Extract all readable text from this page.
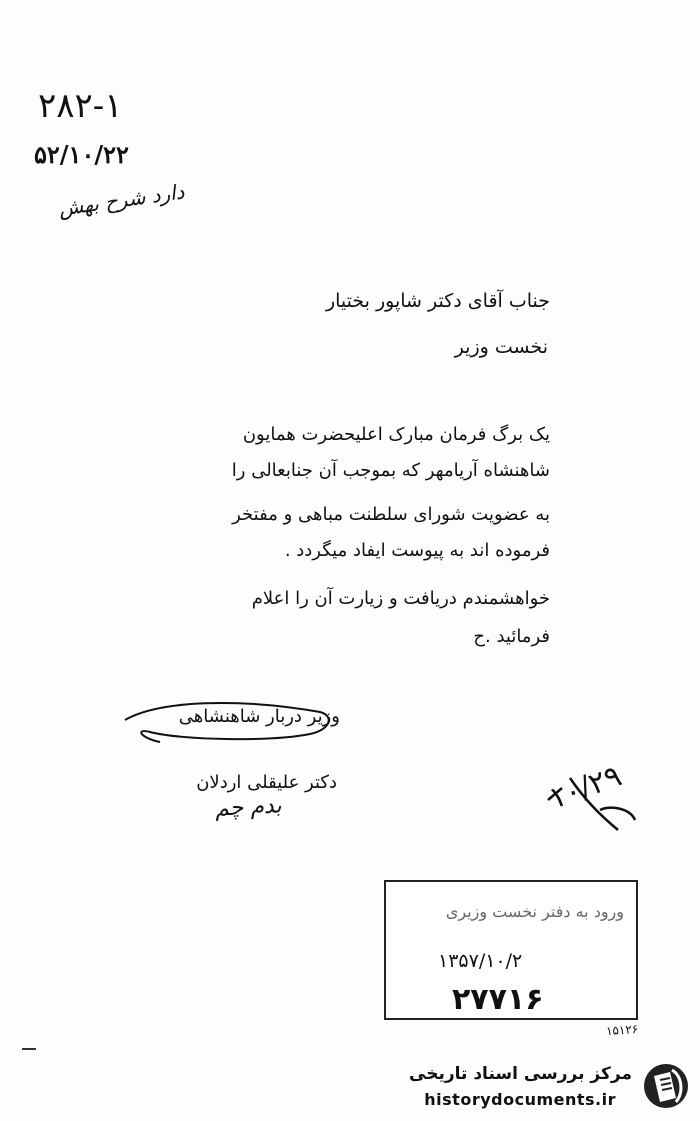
۲۸۲-۱
۵۲/۱۰/۲۲
دارد شرح بهش
جناب آقای دکتر شاپور بختیار
نخست وزیر
یک برگ فرمان مبارک اعلیحضرت همایون
شاهنشاه آریامهر که بموجب آن جنابعالی را
به عضویت شورای سلطنت مباهی و مفتخر
فرموده اند به پیوست ایفاد میگردد .
خواهشمندم دریافت و زیارت آن را اعلام
فرمائید .ح
وزیر دربار شاهنشاهی
دکتر علیقلی اردلان
بدم چم	۱۰/۲۹
ورود به دفتر نخست وزیری
۱۳۵۷/۱۰/۲
۲۷۷۱۶
۱۵۱۲۶
مرکز بررسی اسناد تاریخی
historydocuments.ir
